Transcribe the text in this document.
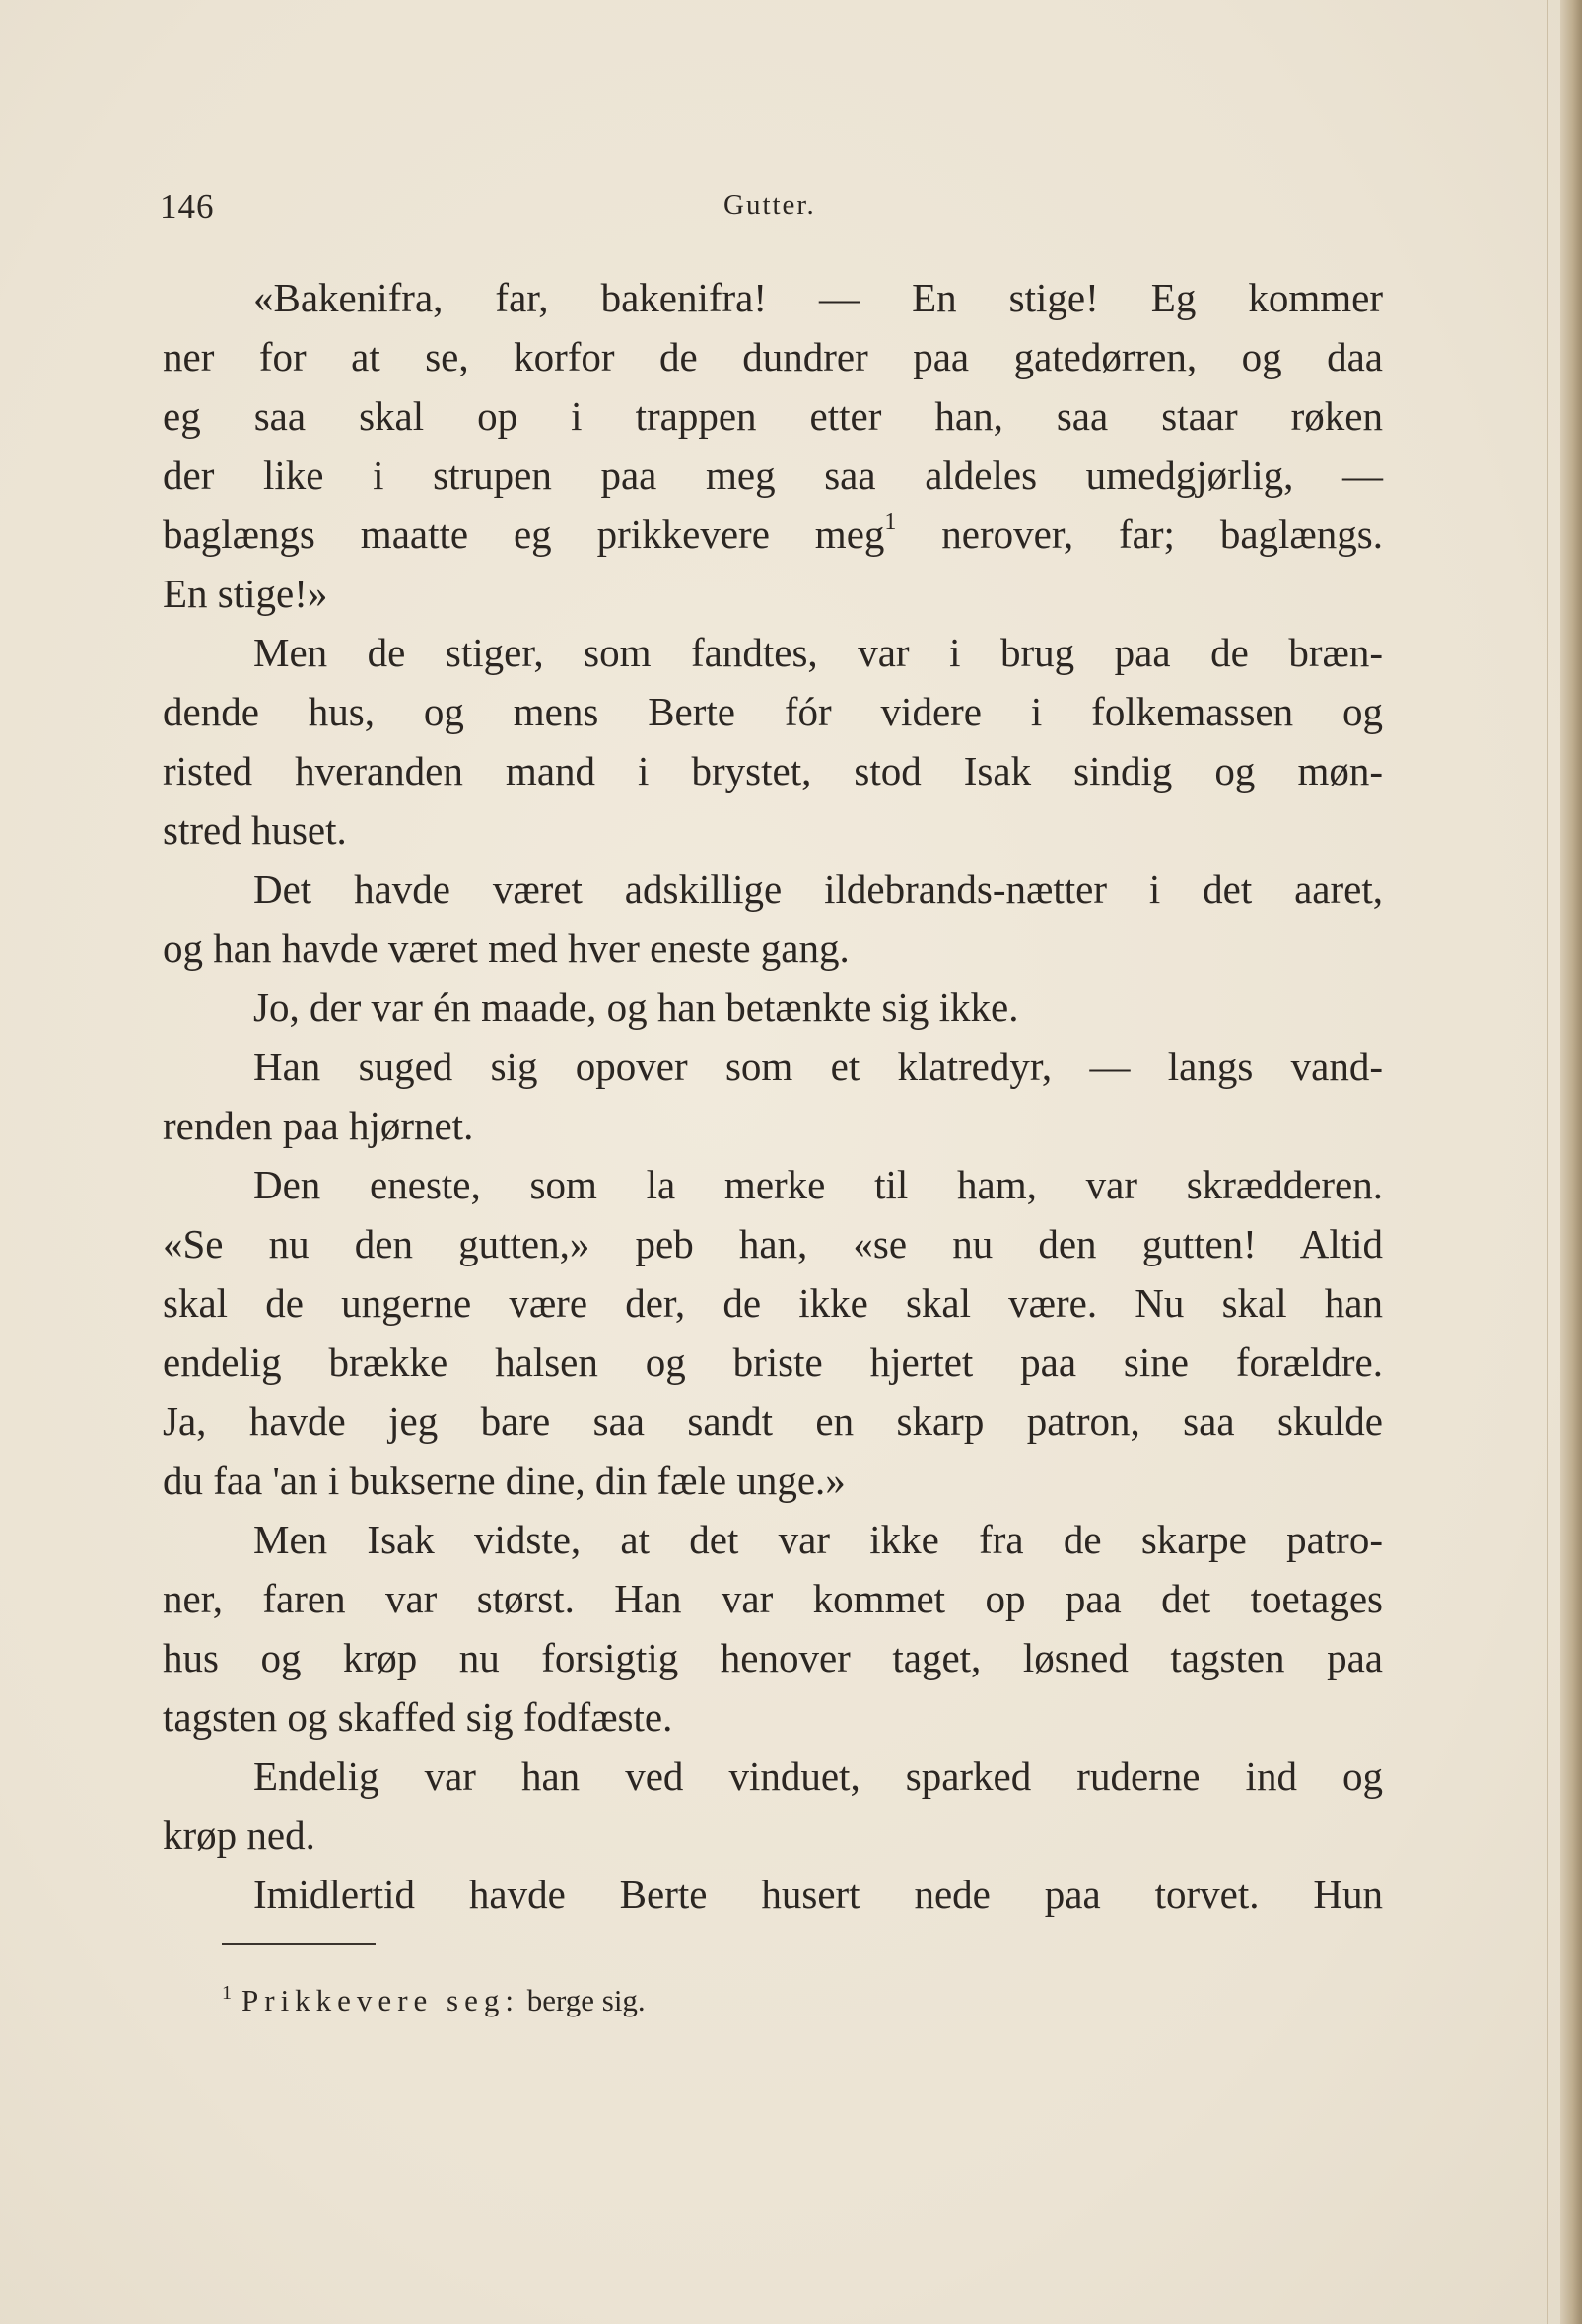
146	Gutter.
«Bakenifra, far, bakenifra! — En stige! Eg kommer
ner for at se, korfor de dundrer paa gatedørren, og daa
eg saa skal op i trappen etter han, saa staar røken
der like i strupen paa meg saa aldeles umedgjørlig, —
baglængs maatte eg prikkevere meg$^1$ nerover, far; baglængs.
En stige!»
Men de stiger, som fandtes, var i brug paa de bræn-
dende hus, og mens Berte fór videre i folkemassen og
risted hveranden mand i brystet, stod Isak sindig og møn-
stred huset.
Det havde været adskillige ildebrands-nætter i det aaret,
og han havde været med hver eneste gang.
Jo, der var én maade, og han betænkte sig ikke.
Han suged sig opover som et klatredyr, — langs vand-
renden paa hjørnet.
Den eneste, som la merke til ham, var skrædderen.
«Se nu den gutten,» peb han, «se nu den gutten! Altid
skal de ungerne være der, de ikke skal være. Nu skal han
endelig brække halsen og briste hjertet paa sine forældre.
Ja, havde jeg bare saa sandt en skarp patron, saa skulde
du faa 'an i bukserne dine, din fæle unge.»
Men Isak vidste, at det var ikke fra de skarpe patro-
ner, faren var størst. Han var kommet op paa det toetages
hus og krøp nu forsigtig henover taget, løsned tagsten paa
tagsten og skaffed sig fodfæste.
Endelig var han ved vinduet, sparked ruderne ind og
krøp ned.
Imidlertid havde Berte husert nede paa torvet. Hun
$^1$ Prikkevere seg: berge sig.
